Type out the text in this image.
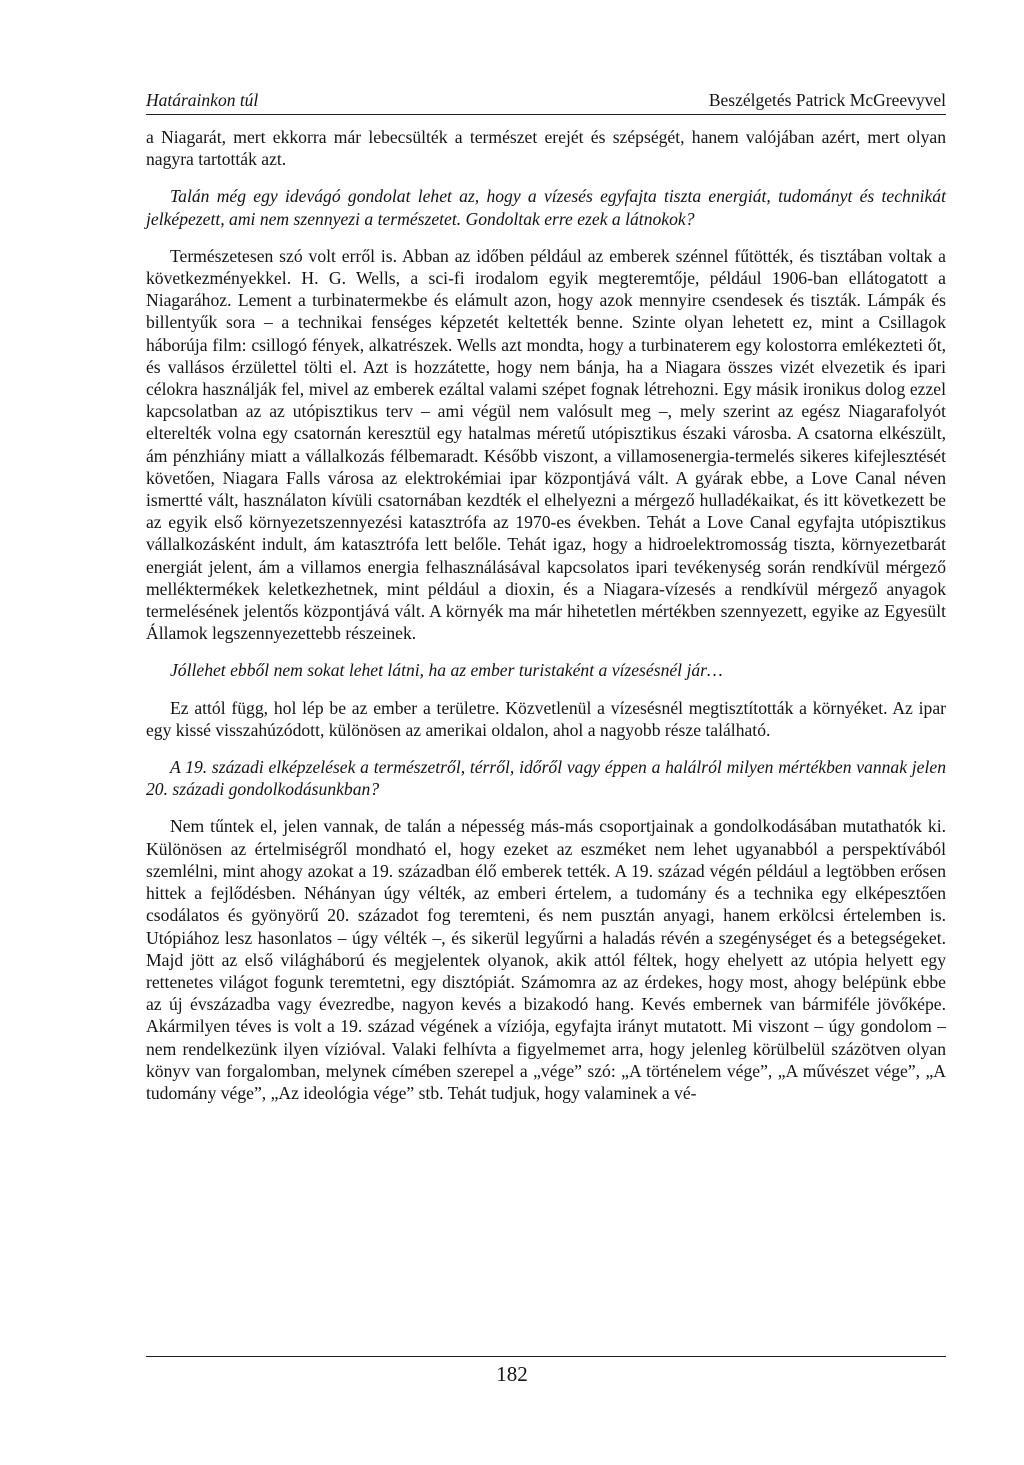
Határainkon túl	Beszélgetés Patrick McGreevyvel

a Niagarát, mert ekkorra már lebecsülték a természet erejét és szépségét, hanem valójában azért, mert olyan nagyra tartották azt.

Talán még egy idevágó gondolat lehet az, hogy a vízesés egyfajta tiszta energiát, tudományt és technikát jelképezett, ami nem szennyezi a természetet. Gondoltak erre ezek a látnokok?

Természetesen szó volt erről is. Abban az időben például az emberek szénnel fűtötték, és tisztában voltak a következményekkel. H. G. Wells, a sci-fi irodalom egyik megteremtője, például 1906-ban ellátogatott a Niagarához. Lement a turbinatermekbe és elámult azon, hogy azok mennyire csendesek és tiszták. Lámpák és billentyűk sora – a technikai fenséges képzetét keltették benne. Szinte olyan lehetett ez, mint a Csillagok háborúja film: csillogó fények, alkatrészek. Wells azt mondta, hogy a turbinaterem egy kolostorra emlékezteti őt, és vallásos érzülettel tölti el. Azt is hozzátette, hogy nem bánja, ha a Niagara összes vizét elvezetik és ipari célokra használják fel, mivel az emberek ezáltal valami szépet fognak létrehozni. Egy másik ironikus dolog ezzel kapcsolatban az az utópisztikus terv – ami végül nem valósult meg –, mely szerint az egész Niagarafolyót elterelték volna egy csatornán keresztül egy hatalmas méretű utópisztikus északi városba. A csatorna elkészült, ám pénzhiány miatt a vállalkozás félbemaradt. Később viszont, a villamosenergia-termelés sikeres kifejlesztését követően, Niagara Falls városa az elektrokémiai ipar központjává vált. A gyárak ebbe, a Love Canal néven ismertté vált, használaton kívüli csatornában kezdték el elhelyezni a mérgező hulladékaikat, és itt következett be az egyik első környezetszennyezési katasztrófa az 1970-es években. Tehát a Love Canal egyfajta utópisztikus vállalkozásként indult, ám katasztrófa lett belőle. Tehát igaz, hogy a hidroelektromosság tiszta, környezetbarát energiát jelent, ám a villamos energia felhasználásával kapcsolatos ipari tevékenység során rendkívül mérgező melléktermékek keletkezhetnek, mint például a dioxin, és a Niagara-vízesés a rendkívül mérgező anyagok termelésének jelentős központjává vált. A környék ma már hihetetlen mértékben szennyezett, egyike az Egyesült Államok legszennyezettebb részeinek.

Jóllehet ebből nem sokat lehet látni, ha az ember turistaként a vízesésnél jár…

Ez attól függ, hol lép be az ember a területre. Közvetlenül a vízesésnél megtisztították a környéket. Az ipar egy kissé visszahúzódott, különösen az amerikai oldalon, ahol a nagyobb része található.

A 19. századi elképzelések a természetről, térről, időről vagy éppen a halálról milyen mértékben vannak jelen 20. századi gondolkodásunkban?

Nem tűntek el, jelen vannak, de talán a népesség más-más csoportjainak a gondolkodásában mutathatók ki. Különösen az értelmiségről mondható el, hogy ezeket az eszméket nem lehet ugyanabból a perspektívából szemlélni, mint ahogy azokat a 19. században élő emberek tették. A 19. század végén például a legtöbben erősen hittek a fejlődésben. Néhányan úgy vélték, az emberi értelem, a tudomány és a technika egy elképesztően csodálatos és gyönyörű 20. századot fog teremteni, és nem pusztán anyagi, hanem erkölcsi értelemben is. Utópiához lesz hasonlatos – úgy vélték –, és sikerül legyűrni a haladás révén a szegénységet és a betegségeket. Majd jött az első világháború és megjelentek olyanok, akik attól féltek, hogy ehelyett az utópia helyett egy rettenetes világot fogunk teremtetni, egy disztópiát. Számomra az az érdekes, hogy most, ahogy belépünk ebbe az új évszázadba vagy évezredbe, nagyon kevés a bizakodó hang. Kevés embernek van bármiféle jövőképe. Akármilyen téves is volt a 19. század végének a víziója, egyfajta irányt mutatott. Mi viszont – úgy gondolom – nem rendelkezünk ilyen vízióval. Valaki felhívta a figyelmemet arra, hogy jelenleg körülbelül százötven olyan könyv van forgalomban, melynek címében szerepel a „vége” szó: „A történelem vége”, „A művészet vége”, „A tudomány vége”, „Az ideológia vége” stb. Tehát tudjuk, hogy valaminek a vé-

182
